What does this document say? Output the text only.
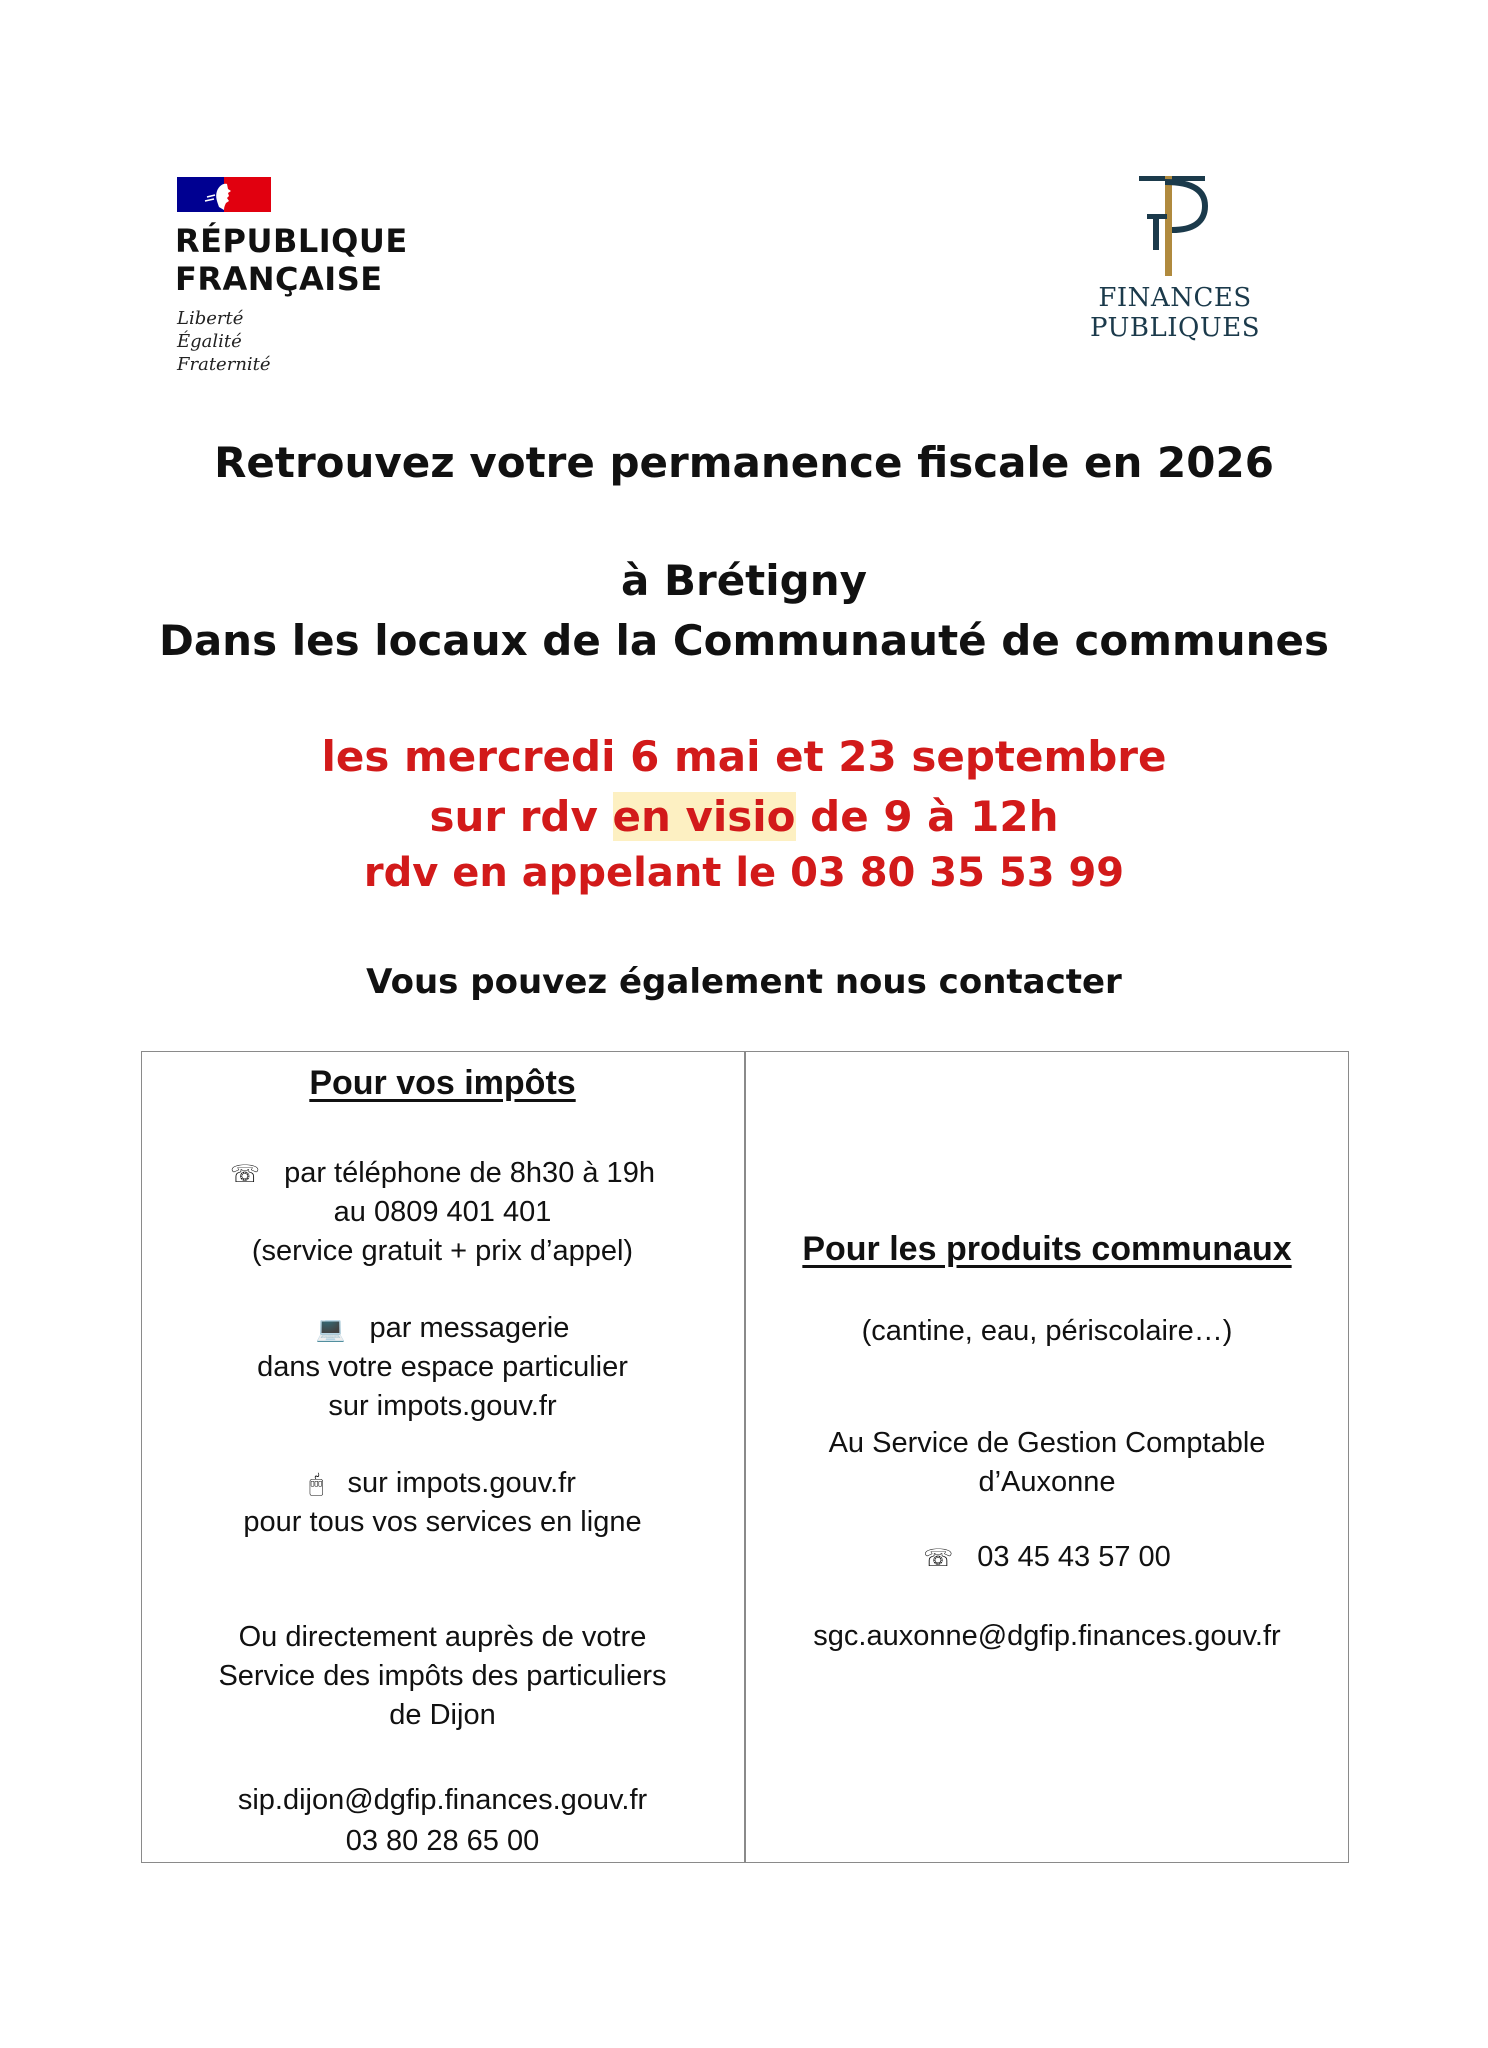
RÉPUBLIQUE
FRANÇAISE
Liberté
Égalité
Fraternité
FINANCES PUBLIQUES
Retrouvez votre permanence fiscale en 2026
à Brétigny
Dans les locaux de la Communauté de communes
les mercredi 6 mai et 23 septembre
sur rdv en visio de 9 à 12h
rdv en appelant le 03 80 35 53 99
Vous pouvez également nous contacter
Pour vos impôts
☏ par téléphone de 8h30 à 19h
au 0809 401 401
(service gratuit + prix d’appel)
💻 par messagerie
dans votre espace particulier
sur impots.gouv.fr
🖱 sur impots.gouv.fr
pour tous vos services en ligne
Ou directement auprès de votre
Service des impôts des particuliers
de Dijon
sip.dijon@dgfip.finances.gouv.fr
03 80 28 65 00
Pour les produits communaux
(cantine, eau, périscolaire…)
Au Service de Gestion Comptable
d’Auxonne
☏ 03 45 43 57 00
sgc.auxonne@dgfip.finances.gouv.fr
